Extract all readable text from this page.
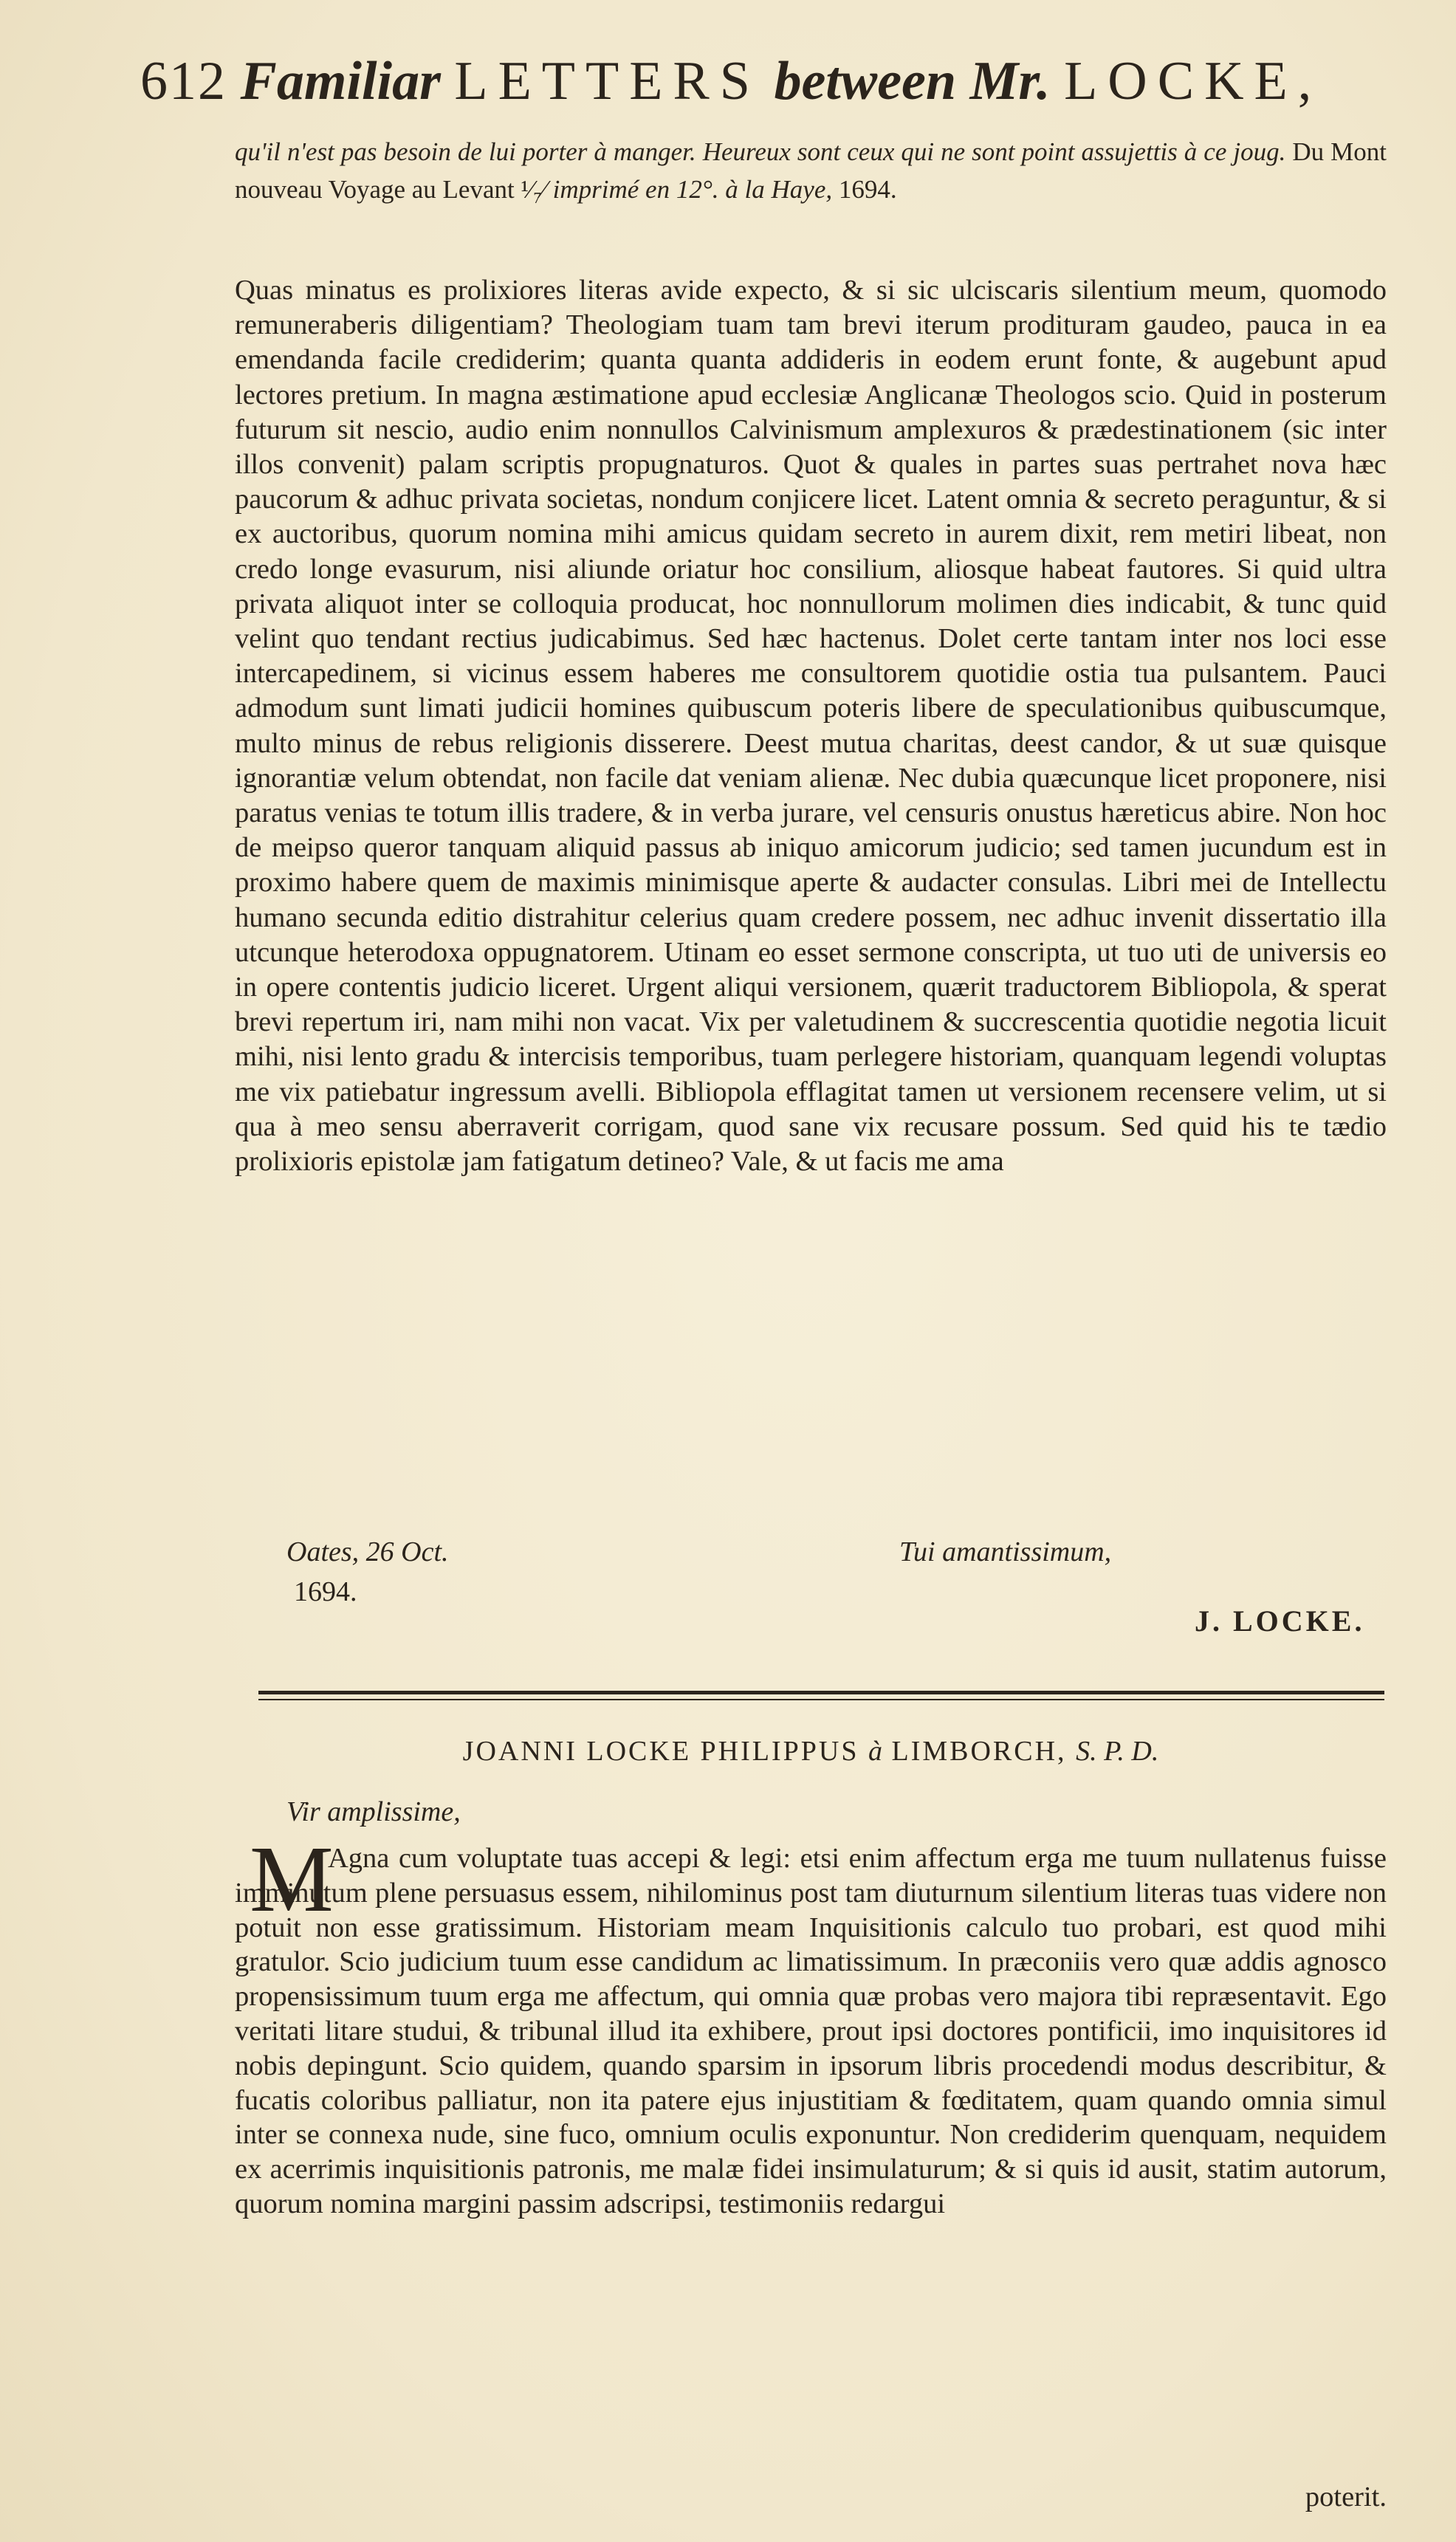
612 Familiar LETTERS between Mr. LOCKE,
qu'il n'est pas besoin de lui porter à manger. Heureux sont ceux qui ne sont point assujettis à ce joug. Du Mont nouveau Voyage au Levant ¹⁄₇⁄ imprimé en 12°. à la Haye, 1694.
Quas minatus es prolixiores literas avide expecto, & si sic ulciscaris silentium meum, quomodo remuneraberis diligentiam? Theologiam tuam tam brevi iterum prodituram gaudeo, pauca in ea emendanda facile crediderim; quanta quanta addideris in eodem erunt fonte, & augebunt apud lectores pretium. In magna æstimatione apud ecclesiæ Anglicanæ Theologos scio. Quid in posterum futurum sit nescio, audio enim nonnullos Calvinismum amplexuros & prædestinationem (sic inter illos convenit) palam scriptis propugnaturos. Quot & quales in partes suas pertrahet nova hæc paucorum & adhuc privata societas, nondum conjicere licet. Latent omnia & secreto peraguntur, & si ex auctoribus, quorum nomina mihi amicus quidam secreto in aurem dixit, rem metiri libeat, non credo longe evasurum, nisi aliunde oriatur hoc consilium, aliosque habeat fautores. Si quid ultra privata aliquot inter se colloquia producat, hoc nonnullorum molimen dies indicabit, & tunc quid velint quo tendant rectius judicabimus. Sed hæc hactenus. Dolet certe tantam inter nos loci esse intercapedinem, si vicinus essem haberes me consultorem quotidie ostia tua pulsantem. Pauci admodum sunt limati judicii homines quibuscum poteris libere de speculationibus quibuscumque, multo minus de rebus religionis disserere. Deest mutua charitas, deest candor, & ut suæ quisque ignorantiæ velum obtendat, non facile dat veniam alienæ. Nec dubia quæcunque licet proponere, nisi paratus venias te totum illis tradere, & in verba jurare, vel censuris onustus hæreticus abire. Non hoc de meipso queror tanquam aliquid passus ab iniquo amicorum judicio; sed tamen jucundum est in proximo habere quem de maximis minimisque aperte & audacter consulas. Libri mei de Intellectu humano secunda editio distrahitur celerius quam credere possem, nec adhuc invenit dissertatio illa utcunque heterodoxa oppugnatorem. Utinam eo esset sermone conscripta, ut tuo uti de universis eo in opere contentis judicio liceret. Urgent aliqui versionem, quærit traductorem Bibliopola, & sperat brevi repertum iri, nam mihi non vacat. Vix per valetudinem & succrescentia quotidie negotia licuit mihi, nisi lento gradu & intercisis temporibus, tuam perlegere historiam, quanquam legendi voluptas me vix patiebatur ingressum avelli. Bibliopola efflagitat tamen ut versionem recensere velim, ut si qua à meo sensu aberraverit corrigam, quod sane vix recusare possum. Sed quid his te tædio prolixioris epistolæ jam fatigatum detineo? Vale, & ut facis me ama
Oates, 26 Oct.
1694.
Tui amantissimum,
J. LOCKE.
JOANNI LOCKE PHILIPPUS à LIMBORCH, S. P. D.
Vir amplissime,
M
Agna cum voluptate tuas accepi & legi: etsi enim affectum erga me tuum nullatenus fuisse imminutum plene persuasus essem, nihilominus post tam diuturnum silentium literas tuas videre non potuit non esse gratissimum. Historiam meam Inquisitionis calculo tuo probari, est quod mihi gratulor. Scio judicium tuum esse candidum ac limatissimum. In præconiis vero quæ addis agnosco propensissimum tuum erga me affectum, qui omnia quæ probas vero majora tibi repræsentavit. Ego veritati litare studui, & tribunal illud ita exhibere, prout ipsi doctores pontificii, imo inquisitores id nobis depingunt. Scio quidem, quando sparsim in ipsorum libris procedendi modus describitur, & fucatis coloribus palliatur, non ita patere ejus injustitiam & fœditatem, quam quando omnia simul inter se connexa nude, sine fuco, omnium oculis exponuntur. Non crediderim quenquam, nequidem ex acerrimis inquisitionis patronis, me malæ fidei insimulaturum; & si quis id ausit, statim autorum, quorum nomina margini passim adscripsi, testimoniis redargui
poterit.
